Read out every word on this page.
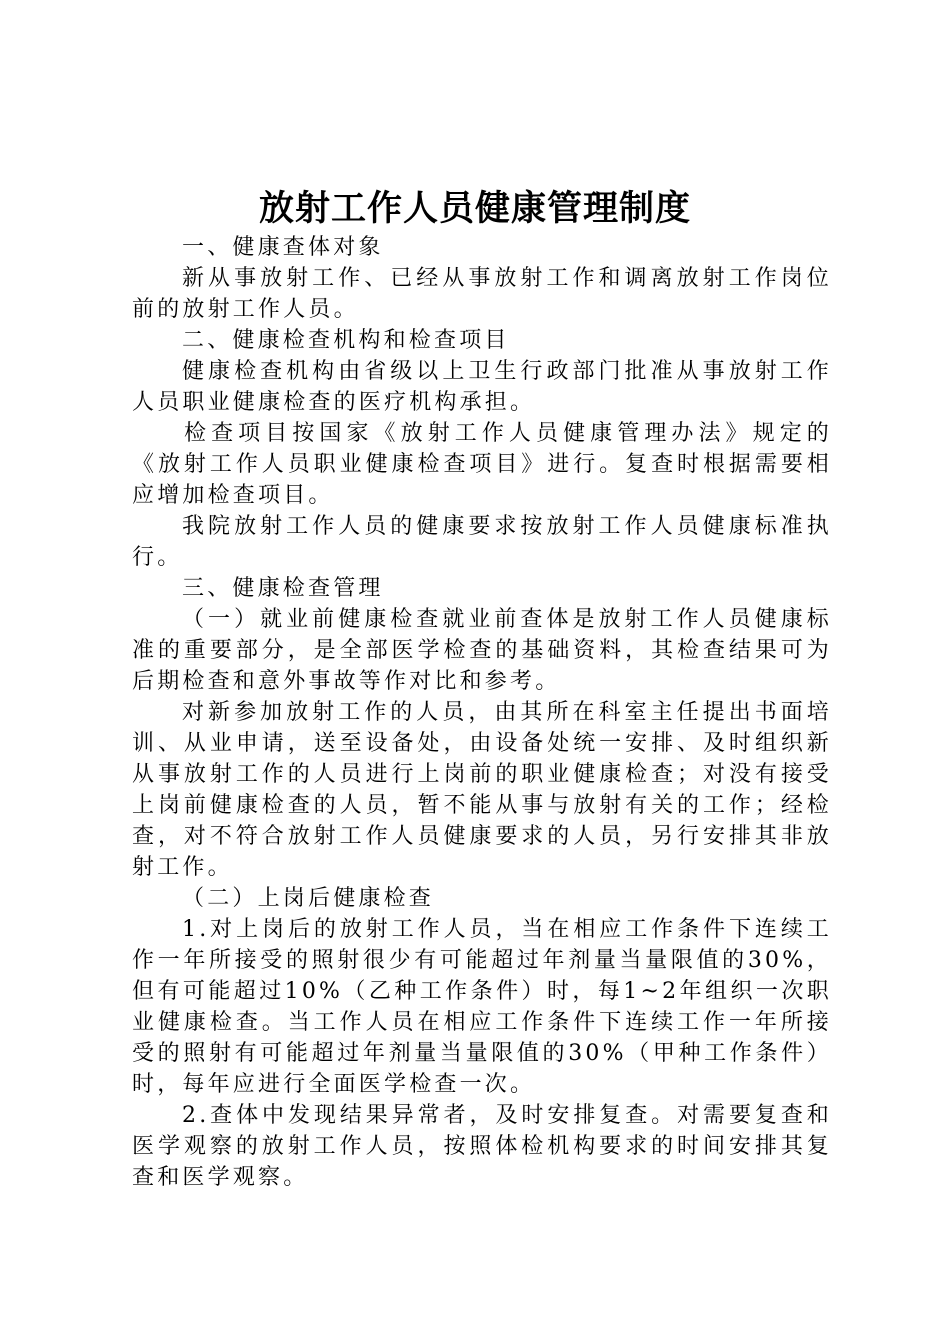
放射工作人员健康管理制度

一、健康查体对象

新从事放射工作、已经从事放射工作和调离放射工作岗位前的放射工作人员。

二、健康检查机构和检查项目

健康检查机构由省级以上卫生行政部门批准从事放射工作人员职业健康检查的医疗机构承担。

检查项目按国家《放射工作人员健康管理办法》规定的《放射工作人员职业健康检查项目》进行。复查时根据需要相应增加检查项目。

我院放射工作人员的健康要求按放射工作人员健康标准执行。

三、健康检查管理

（一）就业前健康检查就业前查体是放射工作人员健康标准的重要部分，是全部医学检查的基础资料，其检查结果可为后期检查和意外事故等作对比和参考。

对新参加放射工作的人员，由其所在科室主任提出书面培训、从业申请，送至设备处，由设备处统一安排、及时组织新从事放射工作的人员进行上岗前的职业健康检查；对没有接受上岗前健康检查的人员，暂不能从事与放射有关的工作；经检查，对不符合放射工作人员健康要求的人员，另行安排其非放射工作。

（二）上岗后健康检查

1.对上岗后的放射工作人员，当在相应工作条件下连续工作一年所接受的照射很少有可能超过年剂量当量限值的30%，但有可能超过10%（乙种工作条件）时，每1~2年组织一次职业健康检查。当工作人员在相应工作条件下连续工作一年所接受的照射有可能超过年剂量当量限值的30%（甲种工作条件）时，每年应进行全面医学检查一次。

2.查体中发现结果异常者，及时安排复查。对需要复查和医学观察的放射工作人员，按照体检机构要求的时间安排其复查和医学观察。
